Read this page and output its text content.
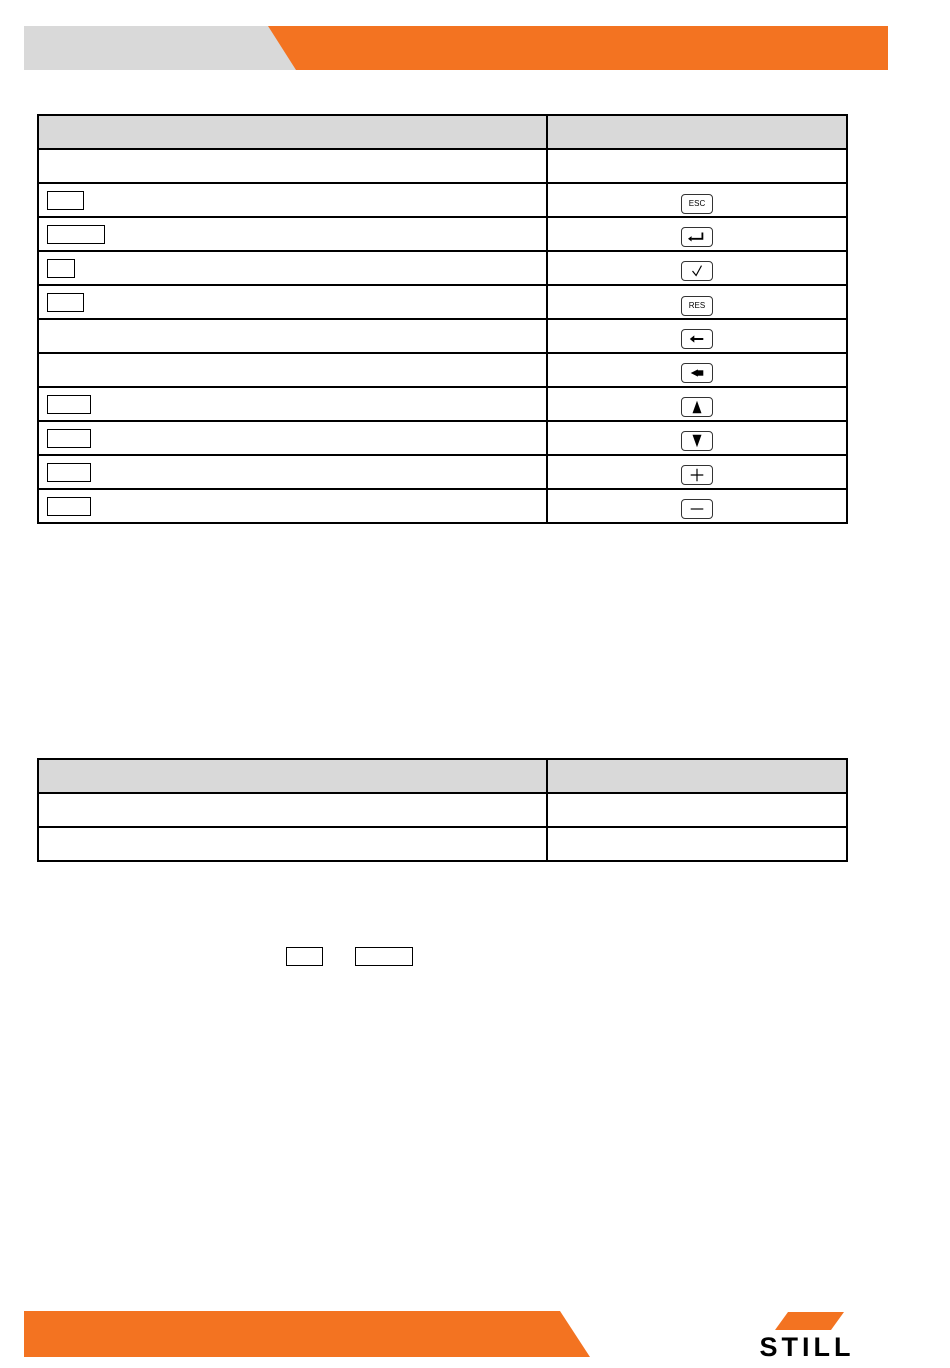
	ESC

	RES

STILL
